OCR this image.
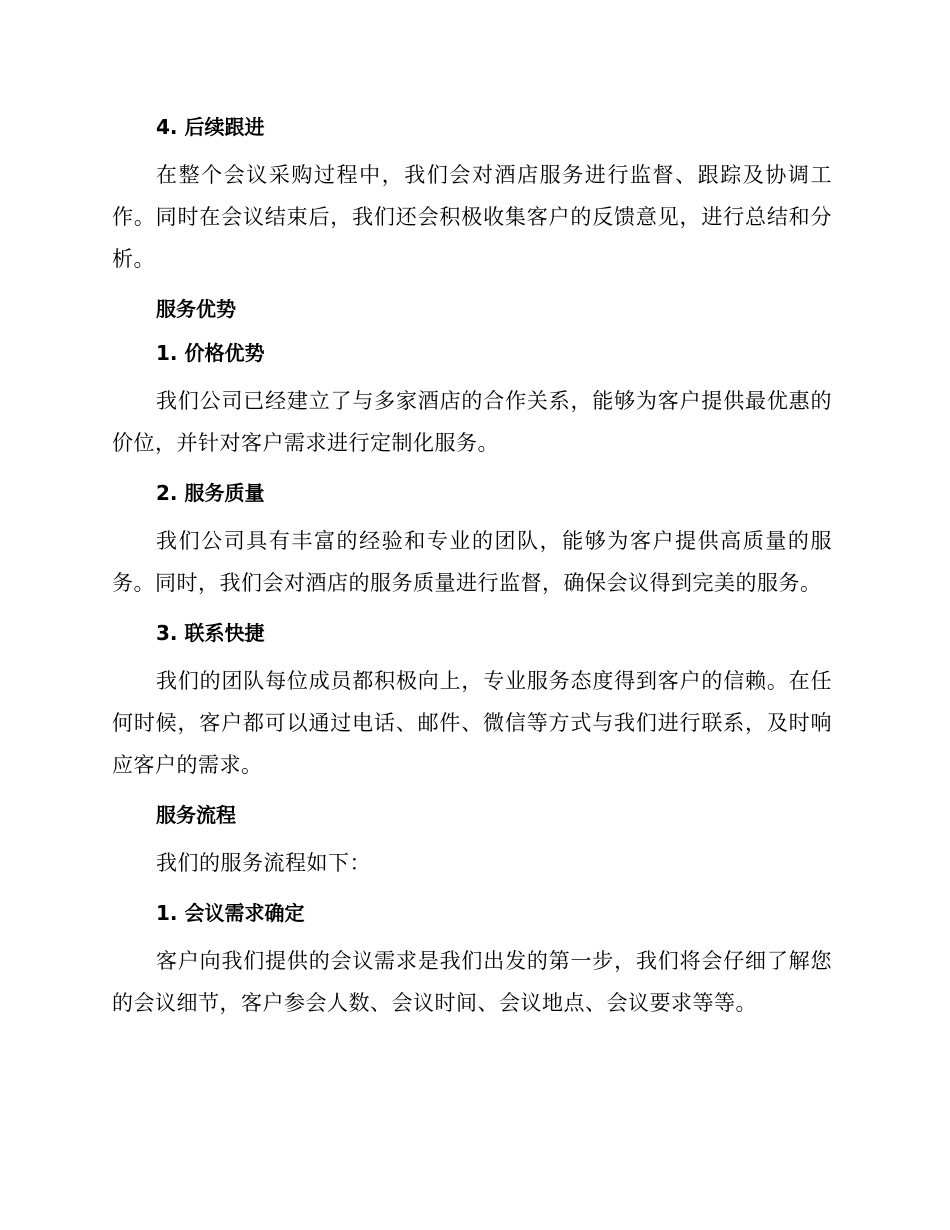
4. 后续跟进

在整个会议采购过程中，我们会对酒店服务进行监督、跟踪及协调工作。同时在会议结束后，我们还会积极收集客户的反馈意见，进行总结和分析。

服务优势
1. 价格优势

我们公司已经建立了与多家酒店的合作关系，能够为客户提供最优惠的价位，并针对客户需求进行定制化服务。

2. 服务质量

我们公司具有丰富的经验和专业的团队，能够为客户提供高质量的服务。同时，我们会对酒店的服务质量进行监督，确保会议得到完美的服务。

3. 联系快捷

我们的团队每位成员都积极向上，专业服务态度得到客户的信赖。在任何时候，客户都可以通过电话、邮件、微信等方式与我们进行联系，及时响应客户的需求。

服务流程

我们的服务流程如下：

1. 会议需求确定

客户向我们提供的会议需求是我们出发的第一步，我们将会仔细了解您的会议细节，客户参会人数、会议时间、会议地点、会议要求等等。
